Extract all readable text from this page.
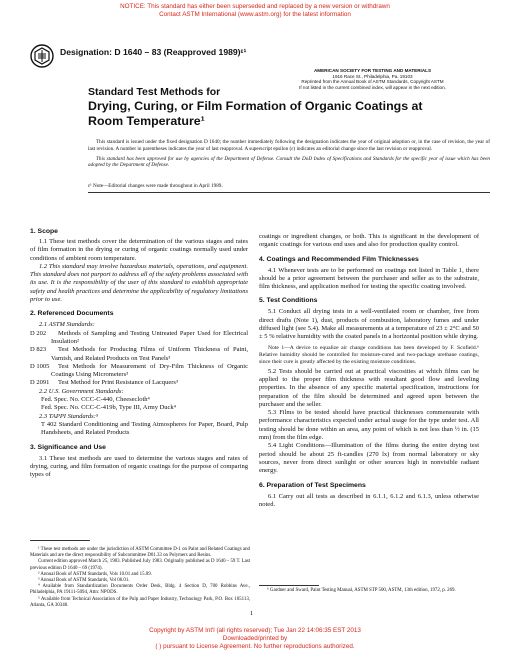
NOTICE: This standard has either been superseded and replaced by a new version or withdrawn
Contact ASTM International (www.astm.org) for the latest information
Designation: D 1640 – 83 (Reapproved 1989)ᵋ¹
AMERICAN SOCIETY FOR TESTING AND MATERIALS
1916 Race St., Philadelphia, Pa. 19103
Reprinted from the Annual Book of ASTM Standards, Copyright ASTM
If not listed in the current combined index, will appear in the next edition.
Standard Test Methods for
Drying, Curing, or Film Formation of Organic Coatings at
Room Temperature¹

This standard is issued under the fixed designation D 1640; the number immediately following the designation indicates the year of original adoption or, in the case of revision, the year of last revision. A number in parentheses indicates the year of last reapproval. A superscript epsilon (ε) indicates an editorial change since the last revision or reapproval.

This standard has been approved for use by agencies of the Department of Defense. Consult the DoD Index of Specifications and Standards for the specific year of issue which has been adopted by the Department of Defense.

ε¹ Note—Editorial changes were made throughout in April 1989.
1. Scope

1.1 These test methods cover the determination of the various stages and rates of film formation in the drying or curing of organic coatings normally used under conditions of ambient room temperature.

1.2 This standard may involve hazardous materials, operations, and equipment. This standard does not purport to address all of the safety problems associated with its use. It is the responsibility of the user of this standard to establish appropriate safety and health practices and determine the applicability of regulatory limitations prior to use.

2. Referenced Documents

2.1 ASTM Standards:

D 202 Methods of Sampling and Testing Untreated Paper Used for Electrical Insulation²

D 823 Test Methods for Producing Films of Uniform Thickness of Paint, Varnish, and Related Products on Test Panels³

D 1005 Test Methods for Measurement of Dry-Film Thickness of Organic Coatings Using Micrometers³

D 2091 Test Method for Print Resistance of Lacquers³

2.2 U.S. Government Standards:

Fed. Spec. No. CCC-C-440, Cheesecloth⁴

Fed. Spec. No. CCC-C-419b, Type III, Army Duck⁴

2.3 TAPPI Standards:⁵

T 402 Standard Conditioning and Testing Atmospheres for Paper, Board, Pulp Handsheets, and Related Products

3. Significance and Use

3.1 These test methods are used to determine the various stages and rates of drying, curing, and film formation of organic coatings for the purpose of comparing types of

coatings or ingredient changes, or both. This is significant in the development of organic coatings for various end uses and also for production quality control.

4. Coatings and Recommended Film Thicknesses

4.1 Whenever tests are to be performed on coatings not listed in Table 1, there should be a prior agreement between the purchaser and seller as to the substrate, film thickness, and application method for testing the specific coating involved.

5. Test Conditions

5.1 Conduct all drying tests in a well-ventilated room or chamber, free from direct drafts (Note 1), dust, products of combustion, laboratory fumes and under diffused light (see 5.4). Make all measurements at a temperature of 23 ± 2°C and 50 ± 5 % relative humidity with the coated panels in a horizontal position while drying.

Note 1—A device to equalize air change conditions has been developed by F. Scofield.⁶ Relative humidity should be controlled for moisture-cured and two-package urethane coatings, since their cure is greatly affected by the existing moisture conditions.

5.2 Tests should be carried out at practical viscosities at which films can be applied to the proper film thickness with resultant good flow and leveling properties. In the absence of any specific material specification, instructions for preparation of the film should be determined and agreed upon between the purchaser and the seller.

5.3 Films to be tested should have practical thicknesses commensurate with performance characteristics expected under actual usage for the type under test. All testing should be done within an area, any point of which is not less than ½ in. (15 mm) from the film edge.

5.4 Light Conditions—Illumination of the films during the entire drying test period should be about 25 ft-candles (270 lx) from normal laboratory or sky sources, never from direct sunlight or other sources high in nonvisible radiant energy.

6. Preparation of Test Specimens

6.1 Carry out all tests as described in 6.1.1, 6.1.2 and 6.1.3, unless otherwise noted.

¹ These test methods are under the jurisdiction of ASTM Committee D-1 on Paint and Related Coatings and Materials and are the direct responsibility of Subcommittee D01.33 on Polymers and Resins.

Current edition approved March 25, 1983. Published July 1983. Originally published as D 1640 – 59 T. Last previous edition D 1640 – 69 (1974).

² Annual Book of ASTM Standards, Vols 10.01 and 15.09.

³ Annual Book of ASTM Standards, Vol 06.01.

⁴ Available from Standardization Documents Order Desk, Bldg. 4 Section D, 700 Robbins Ave., Philadelphia, PA 19111-5094, Attn: NPODS.

⁵ Available from Technical Association of the Pulp and Paper Industry, Technology Park, P.O. Box 105113, Atlanta, GA 30348.

⁶ Gardner and Sward, Paint Testing Manual, ASTM STP 500, ASTM, 13th edition, 1972, p. 269.
1
Copyright by ASTM Int'l (all rights reserved); Tue Jan 22 14:06:35 EST 2013
Downloaded/printed by
( ) pursuant to License Agreement. No further reproductions authorized.
